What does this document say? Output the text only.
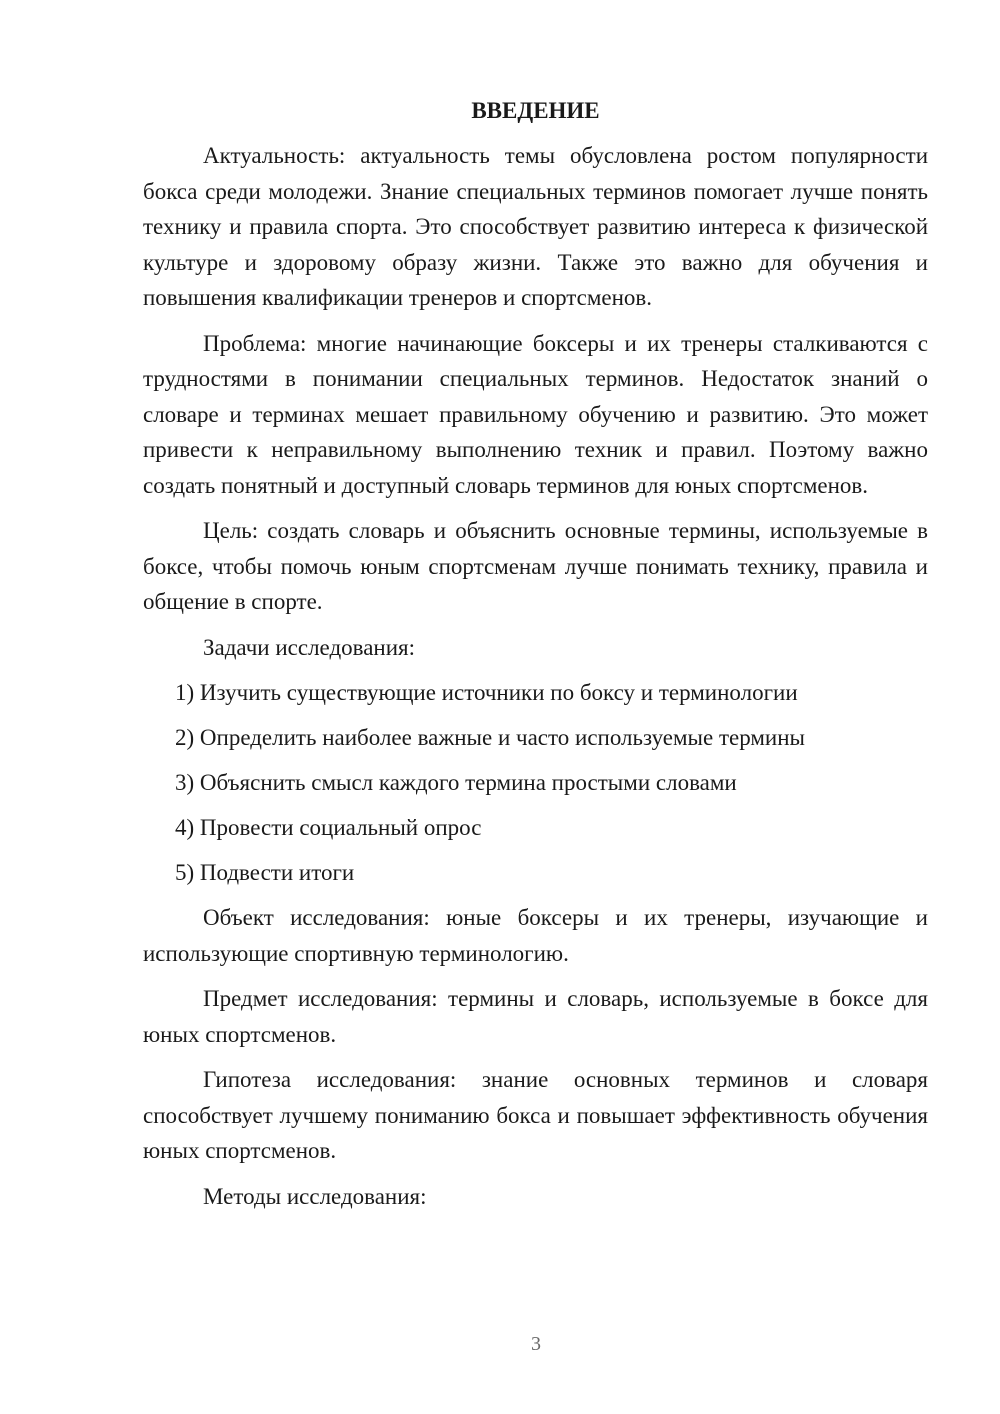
ВВЕДЕНИЕ

Актуальность: актуальность темы обусловлена ростом популярности бокса среди молодежи. Знание специальных терминов помогает лучше понять технику и правила спорта. Это способствует развитию интереса к физической культуре и здоровому образу жизни. Также это важно для обучения и повышения квалификации тренеров и спортсменов.

Проблема: многие начинающие боксеры и их тренеры сталкиваются с трудностями в понимании специальных терминов. Недостаток знаний о словаре и терминах мешает правильному обучению и развитию. Это может привести к неправильному выполнению техник и правил. Поэтому важно создать понятный и доступный словарь терминов для юных спортсменов.

Цель: создать словарь и объяснить основные термины, используемые в боксе, чтобы помочь юным спортсменам лучше понимать технику, правила и общение в спорте.

Задачи исследования:

1) Изучить существующие источники по боксу и терминологии
2) Определить наиболее важные и часто используемые термины
3) Объяснить смысл каждого термина простыми словами
4) Провести социальный опрос
5) Подвести итоги

Объект исследования: юные боксеры и их тренеры, изучающие и использующие спортивную терминологию.

Предмет исследования: термины и словарь, используемые в боксе для юных спортсменов.

Гипотеза исследования: знание основных терминов и словаря способствует лучшему пониманию бокса и повышает эффективность обучения юных спортсменов.

Методы исследования:

3
